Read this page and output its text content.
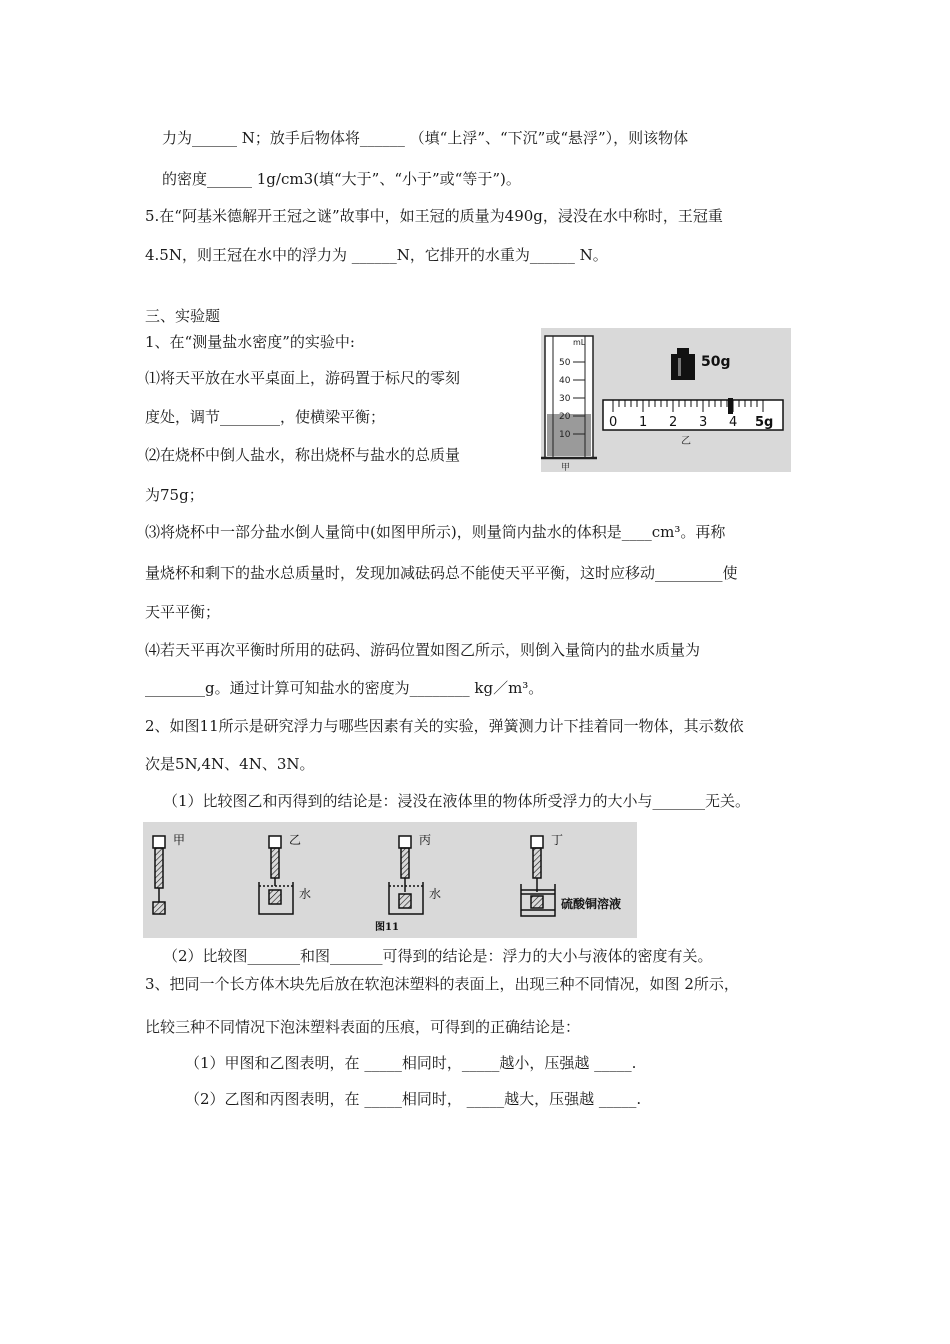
力为______ N；放手后物体将______ （填“上浮”、“下沉”或“悬浮”），则该物体
的密度______ 1g/cm3(填“大于”、“小于”或“等于”)。
5.在“阿基米德解开王冠之谜”故事中，如王冠的质量为490g，浸没在水中称时，王冠重
4.5N，则王冠在水中的浮力为 ______N，它排开的水重为______ N。
三、实验题
1、在“测量盐水密度”的实验中:
⑴将天平放在水平桌面上，游码置于标尺的零刻
度处，调节________，使横梁平衡；
⑵在烧杯中倒人盐水，称出烧杯与盐水的总质量
为75g；
⑶将烧杯中一部分盐水倒人量筒中(如图甲所示)，则量筒内盐水的体积是____cm³。再称
量烧杯和剩下的盐水总质量时，发现加减砝码总不能使天平平衡，这时应移动_________使
天平平衡；
⑷若天平再次平衡时所用的砝码、游码位置如图乙所示，则倒入量筒内的盐水质量为
________g。通过计算可知盐水的密度为________ kg／m³。
2、如图11所示是研究浮力与哪些因素有关的实验，弹簧测力计下挂着同一物体，其示数依
次是5N,4N、4N、3N。
（1）比较图乙和丙得到的结论是：浸没在液体里的物体所受浮力的大小与_______无关。
（2）比较图_______和图_______可得到的结论是：浮力的大小与液体的密度有关。
3、把同一个长方体木块先后放在软泡沫塑料的表面上，出现三种不同情况，如图 2所示，
比较三种不同情况下泡沫塑料表面的压痕，可得到的正确结论是：
（1）甲图和乙图表明，在 _____相同时，_____越小，压强越 _____.
（2）乙图和丙图表明，在 _____相同时， _____越大，压强越 _____.
mL
50
40
30
20
10
甲
50g
0 1 2 3 4 5g
乙
甲	乙	丙	丁
水	水
硫酸铜溶液
图11
